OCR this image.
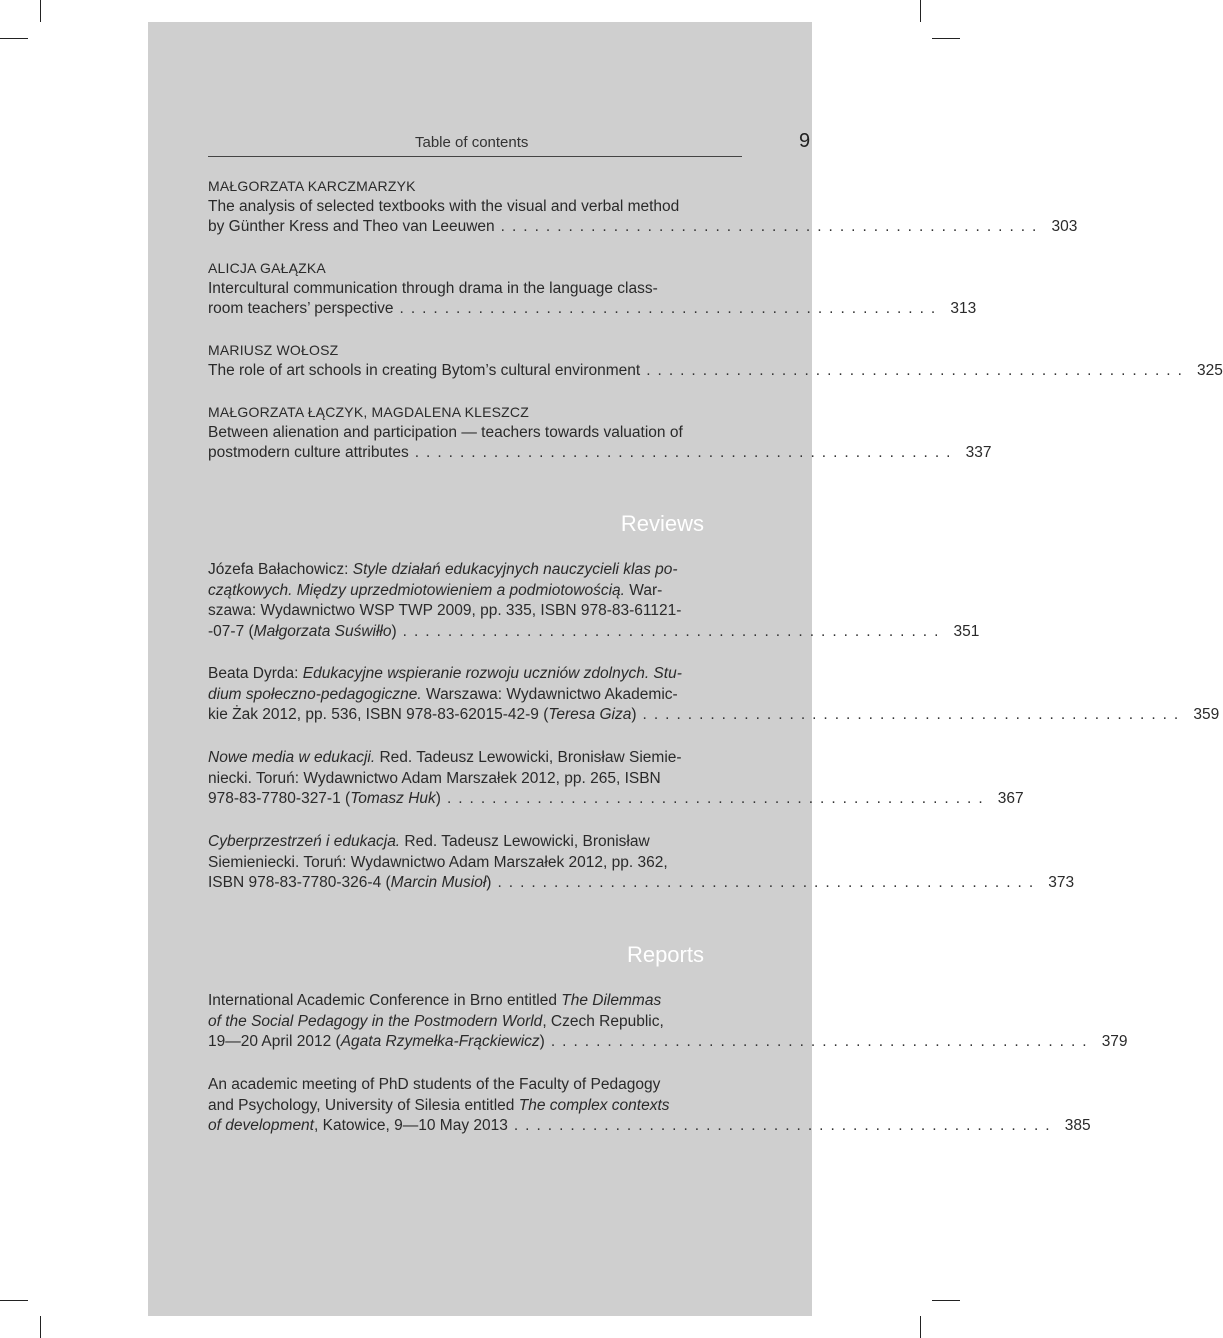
Table of contents	9
MAŁGORZATA KARCZMARZYK
The analysis of selected textbooks with the visual and verbal method
by Günther Kress and Theo van Leeuwen ................................................ 303
ALICJA GAŁĄZKA
Intercultural communication through drama in the language class-
room teachers’ perspective ................................................ 313
MARIUSZ WOŁOSZ
The role of art schools in creating Bytom’s cultural environment ................................................ 325
MAŁGORZATA ŁĄCZYK, MAGDALENA KLESZCZ
Between alienation and participation — teachers towards valuation of
postmodern culture attributes ................................................ 337
Reviews
Józefa Bałachowicz: Style działań edukacyjnych nauczycieli klas po-
czątkowych. Między uprzedmiotowieniem a podmiotowością. War-
szawa: Wydawnictwo WSP TWP 2009, pp. 335, ISBN 978-83-61121-
-07-7 (Małgorzata Suświłło) ................................................ 351
Beata Dyrda: Edukacyjne wspieranie rozwoju uczniów zdolnych. Stu-
dium społeczno-pedagogiczne. Warszawa: Wydawnictwo Akademic-
kie Żak 2012, pp. 536, ISBN 978-83-62015-42-9 (Teresa Giza) ................................................ 359
Nowe media w edukacji. Red. Tadeusz Lewowicki, Bronisław Siemie-
niecki. Toruń: Wydawnictwo Adam Marszałek 2012, pp. 265, ISBN
978-83-7780-327-1 (Tomasz Huk) ................................................ 367
Cyberprzestrzeń i edukacja. Red. Tadeusz Lewowicki, Bronisław
Siemieniecki. Toruń: Wydawnictwo Adam Marszałek 2012, pp. 362,
ISBN 978-83-7780-326-4 (Marcin Musioł) ................................................ 373
Reports
International Academic Conference in Brno entitled The Dilemmas
of the Social Pedagogy in the Postmodern World, Czech Republic,
19—20 April 2012 (Agata Rzymełka-Frąckiewicz) ................................................ 379
An academic meeting of PhD students of the Faculty of Pedagogy
and Psychology, University of Silesia entitled The complex contexts
of development, Katowice, 9—10 May 2013 ................................................ 385
